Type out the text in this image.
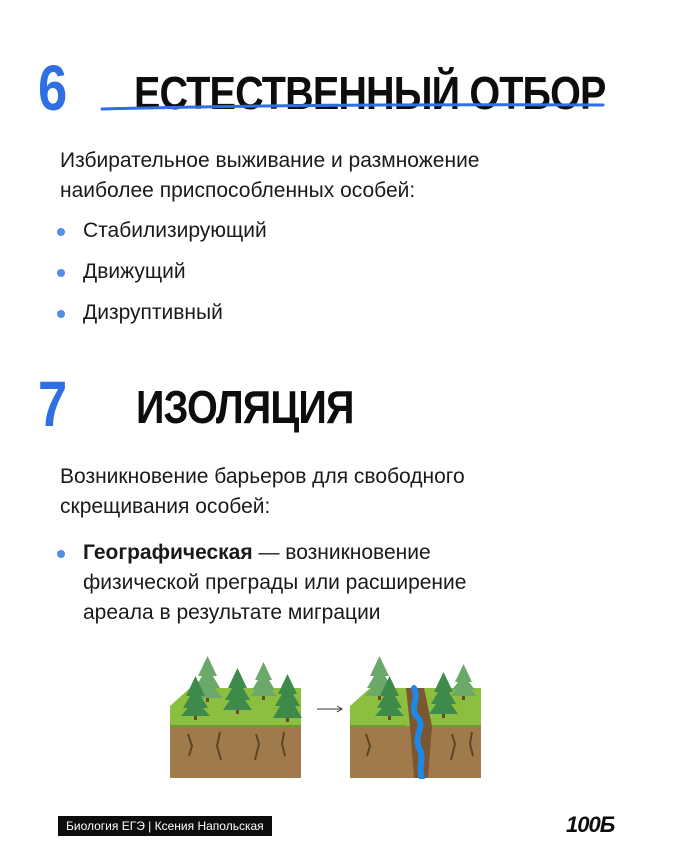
6 ЕСТЕСТВЕННЫЙ ОТБОР
Избирательное выживание и размножение
наиболее приспособленных особей:
Стабилизирующий
Движущий
Дизруптивный
7 ИЗОЛЯЦИЯ
Возникновение барьеров для свободного
скрещивания особей:
Географическая — возникновение
физической преграды или расширение
ареала в результате миграции
Биология ЕГЭ | Ксения Напольская	100Б
